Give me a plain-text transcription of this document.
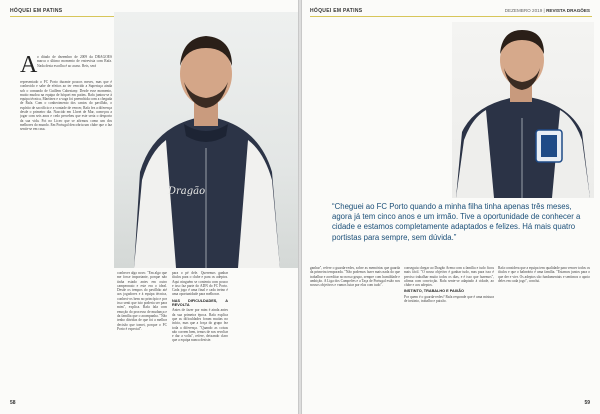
HÓQUEI EM PATINS
A o ditado de dezembro de 2009 da DRAGÕES marca o último momento de entrevista com Rafa. Nada desta escolha é ao acaso. Reis, será
representado o FC Porto durante poucos meses, mas que é conhecido e sabe de efeitos ao ter vencido a Supertaça ainda sob o comando de Guillem Cabestany. Desde esse momento, muito mudou na equipa de hóquei em patins. Rafa juntou-se à equipa técnica, Martínez e a vaga foi preenchida com a chegada de Rafa. Com o conhecimento dos cantos do pavilhão, o espírito de sacrifício e a vontade de vencer, Rafa fez a diferença desde o primeiro dia. Nascido em Lloret de Mar, começou a jogar com seis anos e cedo percebeu que este seria o desporto da sua vida. Foi no Liceo que se afirmou como um dos melhores do mundo. Em Portugal descobriu um clube que o faz sentir-se em casa.
Dragão
conhecer algo novo. "Em algo que me fosse importante, porque não tinha estado antes em outro campeonato e este era o ideal. Desde os tempos do pavilhão até aos jogadores e à equipa técnica, conheci-os bem no princípio e por isso senti que isto poderia ser para mim", explica. Rafa fala com emoção do processo de mudança e da família que o acompanha. "Não tenho dúvidas de que foi a melhor decisão que tomei, porque o FC Porto é especial".
para o pé dele. Queremos ganhar títulos para o clube e para os adeptos. Aqui ninguém se contenta com pouco e isso faz parte do ADN do FC Porto. Cada jogo é uma final e cada treino é uma oportunidade para melhorar.
NAS DIFICULDADES, A REVOLTA
Antes de fazer por mim é ainda antes da sua primeira época. Rafa explica que as dificuldades foram muitas no início, mas que a força do grupo fez toda a diferença. "Quando as coisas não correm bem, temos de nos revoltar e dar a volta", refere, deixando claro que a equipa nunca desiste.
58
HÓQUEI EM PATINS	DEZEMBRO 2019 | REVISTA DRAGÕES
“Cheguei ao FC Porto quando a minha filha tinha apenas três meses, agora já tem cinco anos e um irmão. Tive a oportunidade de conhecer a cidade e estamos completamente adaptados e felizes. Há mais quatro portistas para sempre, sem dúvida.”
ganhar", refere o guarda-redes, sobre as memórias que guarda da primeira temporada. "Não podemos fazer mais nada do que trabalhar e acreditar no nosso grupo, sempre com humildade e ambição. A Liga dos Campeões e a Taça de Portugal estão nos nossos objetivos e vamos lutar por elas com tudo".
conseguiu chegar ao Dragão Arena com a família e tudo ficou mais fácil. "O nosso objetivo é ganhar tudo, mas para isso é preciso trabalhar muito todos os dias, e é isso que fazemos", afirma com convicção. Rafa sente-se adaptado à cidade, ao clube e aos adeptos.
INSTINTO, TRABALHO E PAIXÃO
Por quem é o guarda-redes? Rafa responde que é uma mistura de instinto, trabalho e paixão.
Rafa considera que a equipa tem qualidade para vencer todos os títulos e que o balneário é uma família. "Estamos juntos para o que der e vier. Os adeptos são fundamentais e sentimos o apoio deles em cada jogo", conclui.
59
